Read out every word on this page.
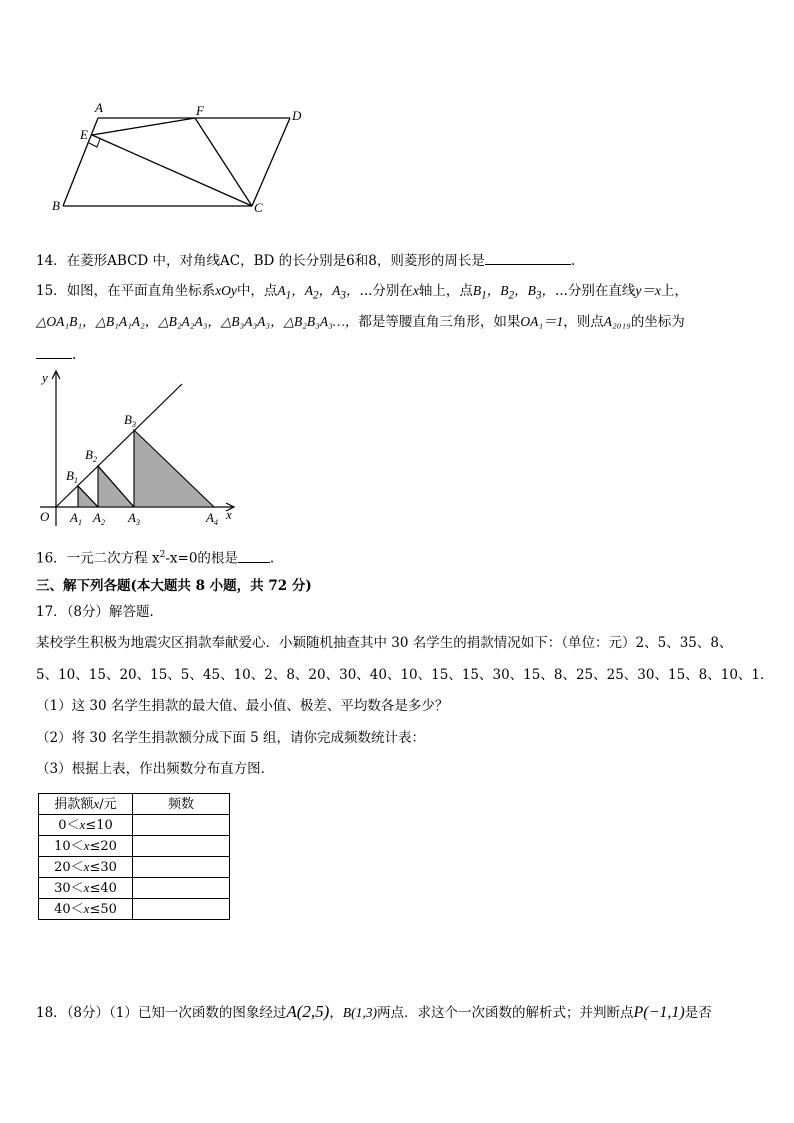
A	F	D
E
B	C
14．在菱形ABCD 中，对角线AC，BD 的长分别是6和8，则菱形的周长是	.
15．如图，在平面直角坐标系xOy中，点$A_1$，$A_2$，$A_3$，...分别在x轴上，点$B_1$，$B_2$，$B_3$，...分别在直线y＝x上，
△OA₁B₁，△B₁A₁A₂，△B₂A₂A₃，△B₃A₃A₃，△B₂B₃A₃…，都是等腰直角三角形，如果OA₁＝1，则点A₂₀₁₉的坐标为
.
y
x
O $A_1$ $A_2$ $A_3$	$A_4$
$B_1$
$B_2$
$B_3$
16．一元二次方程 $x^2-x=0$的根是 .
三、解下列各题(本大题共 8 小题，共 72 分)
17．（8分）解答题．
某校学生积极为地震灾区捐款奉献爱心．小颖随机抽查其中 30 名学生的捐款情况如下：（单位：元）2、5、35、8、
5、10、15、20、15、5、45、10、2、8、20、30、40、10、15、15、30、15、8、25、25、30、15、8、10、1．
（1）这 30 名学生捐款的最大值、最小值、极差、平均数各是多少？
（2）将 30 名学生捐款额分成下面 5 组，请你完成频数统计表：
（3）根据上表，作出频数分布直方图．
捐款额x/元	频数
0＜x≤10	
10＜x≤20	
20＜x≤30	
30＜x≤40	
40＜x≤50	
18．（8分）（1）已知一次函数的图象经过A(2,5)，B(1,3)两点．求这个一次函数的解析式；并判断点P(−1,1)是否
